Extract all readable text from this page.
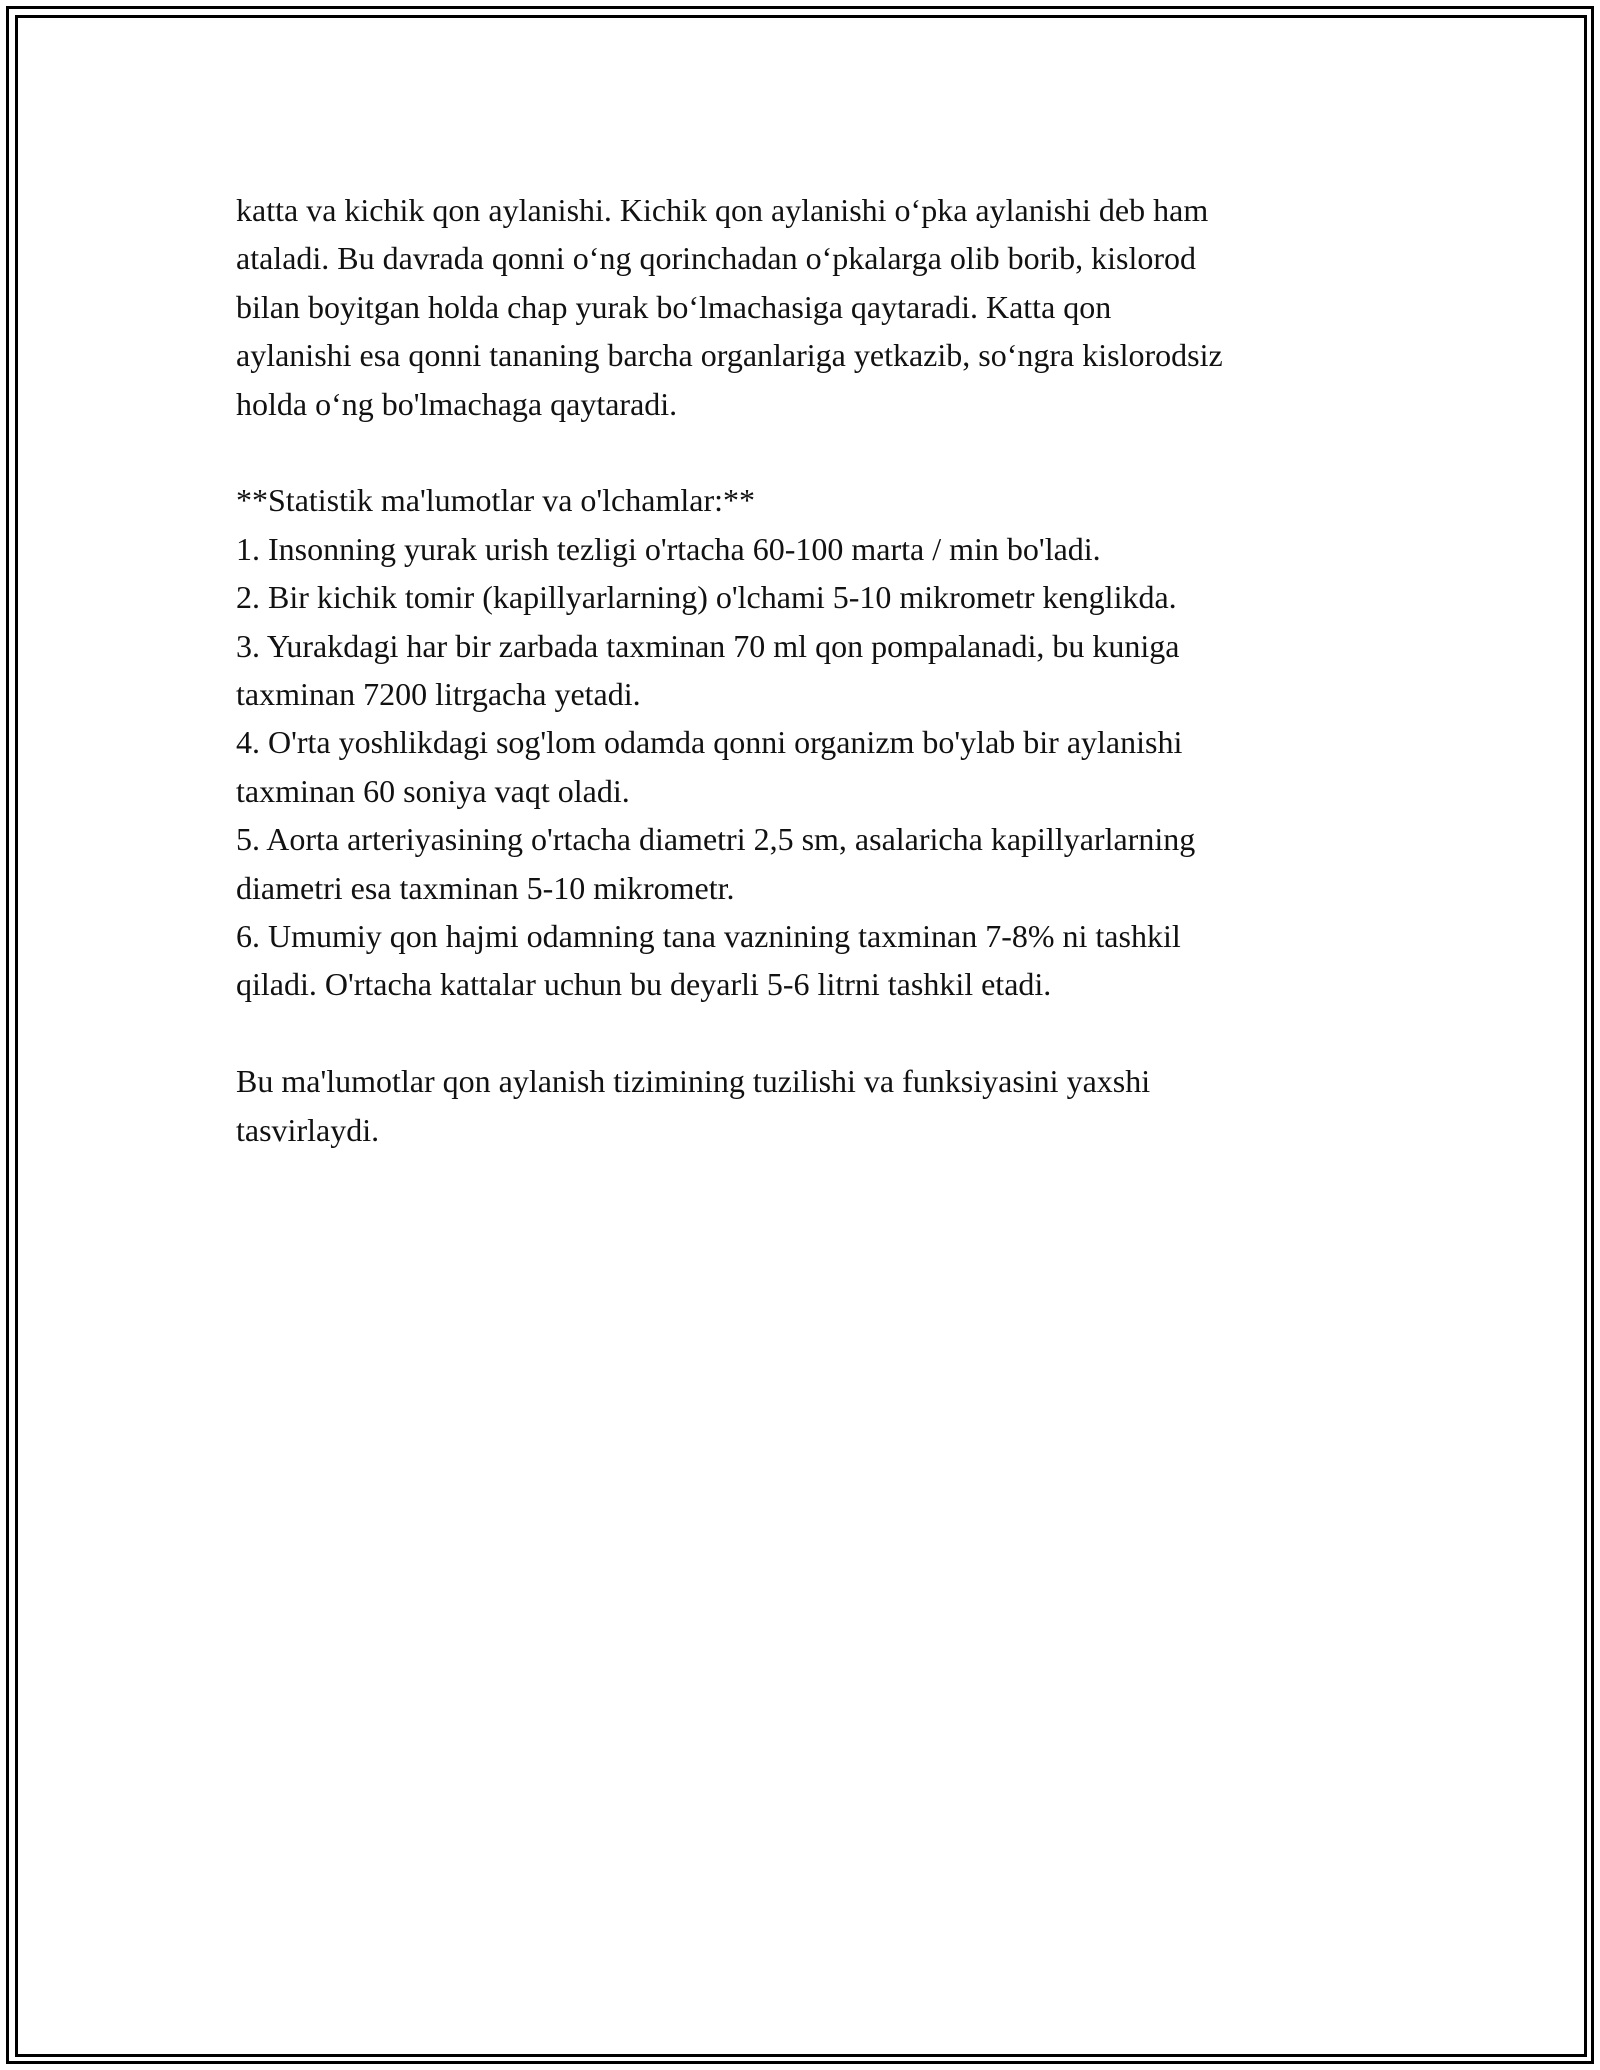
katta va kichik qon aylanishi. Kichik qon aylanishi o‘pka aylanishi deb ham

ataladi. Bu davrada qonni o‘ng qorinchadan o‘pkalarga olib borib, kislorod

bilan boyitgan holda chap yurak bo‘lmachasiga qaytaradi. Katta qon

aylanishi esa qonni tananing barcha organlariga yetkazib, so‘ngra kislorodsiz

holda o‘ng bo'lmachaga qaytaradi.

**Statistik ma'lumotlar va o'lchamlar:**

1. Insonning yurak urish tezligi o'rtacha 60-100 marta / min bo'ladi.

2. Bir kichik tomir (kapillyarlarning) o'lchami 5-10 mikrometr kenglikda.

3. Yurakdagi har bir zarbada taxminan 70 ml qon pompalanadi, bu kuniga

taxminan 7200 litrgacha yetadi.

4. O'rta yoshlikdagi sog'lom odamda qonni organizm bo'ylab bir aylanishi

taxminan 60 soniya vaqt oladi.

5. Aorta arteriyasining o'rtacha diametri 2,5 sm, asalaricha kapillyarlarning

diametri esa taxminan 5-10 mikrometr.

6. Umumiy qon hajmi odamning tana vaznining taxminan 7-8% ni tashkil

qiladi. O'rtacha kattalar uchun bu deyarli 5-6 litrni tashkil etadi.

Bu ma'lumotlar qon aylanish tizimining tuzilishi va funksiyasini yaxshi

tasvirlaydi.
